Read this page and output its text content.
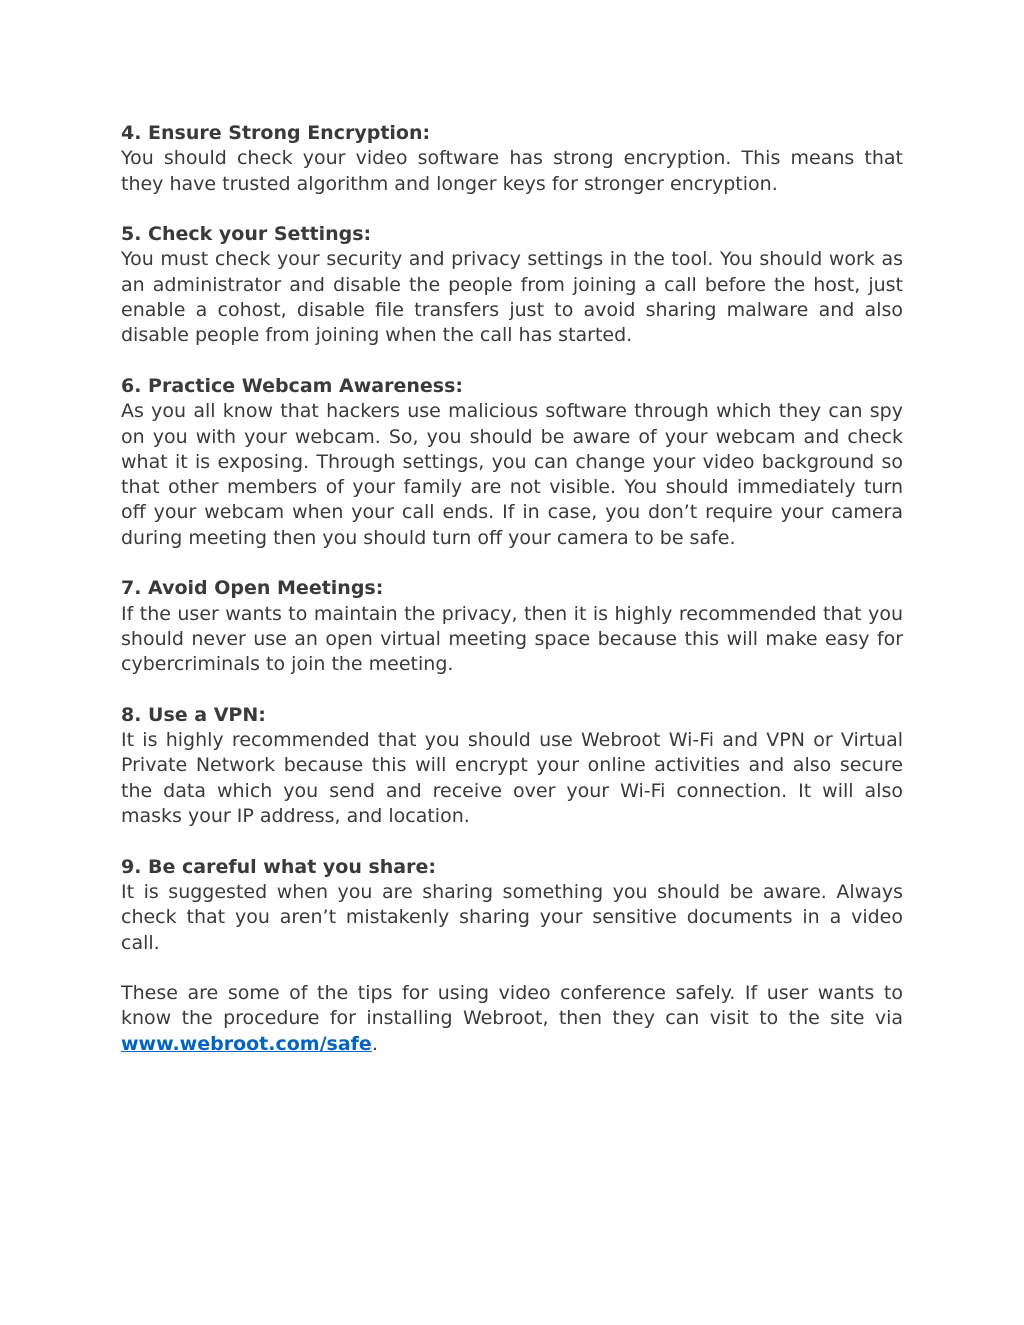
4. Ensure Strong Encryption:

You should check your video software has strong encryption. This means that they have trusted algorithm and longer keys for stronger encryption.

5. Check your Settings:

You must check your security and privacy settings in the tool. You should work as an administrator and disable the people from joining a call before the host, just enable a cohost, disable file transfers just to avoid sharing malware and also disable people from joining when the call has started.

6. Practice Webcam Awareness:

As you all know that hackers use malicious software through which they can spy on you with your webcam. So, you should be aware of your webcam and check what it is exposing. Through settings, you can change your video background so that other members of your family are not visible. You should immediately turn off your webcam when your call ends. If in case, you don’t require your camera during meeting then you should turn off your camera to be safe.

7. Avoid Open Meetings:

If the user wants to maintain the privacy, then it is highly recommended that you should never use an open virtual meeting space because this will make easy for cybercriminals to join the meeting.

8. Use a VPN:

It is highly recommended that you should use Webroot Wi-Fi and VPN or Virtual Private Network because this will encrypt your online activities and also secure the data which you send and receive over your Wi-Fi connection. It will also masks your IP address, and location.

9. Be careful what you share:

It is suggested when you are sharing something you should be aware. Always check that you aren’t mistakenly sharing your sensitive documents in a video call.

These are some of the tips for using video conference safely. If user wants to know the procedure for installing Webroot, then they can visit to the site via www.webroot.com/safe.
